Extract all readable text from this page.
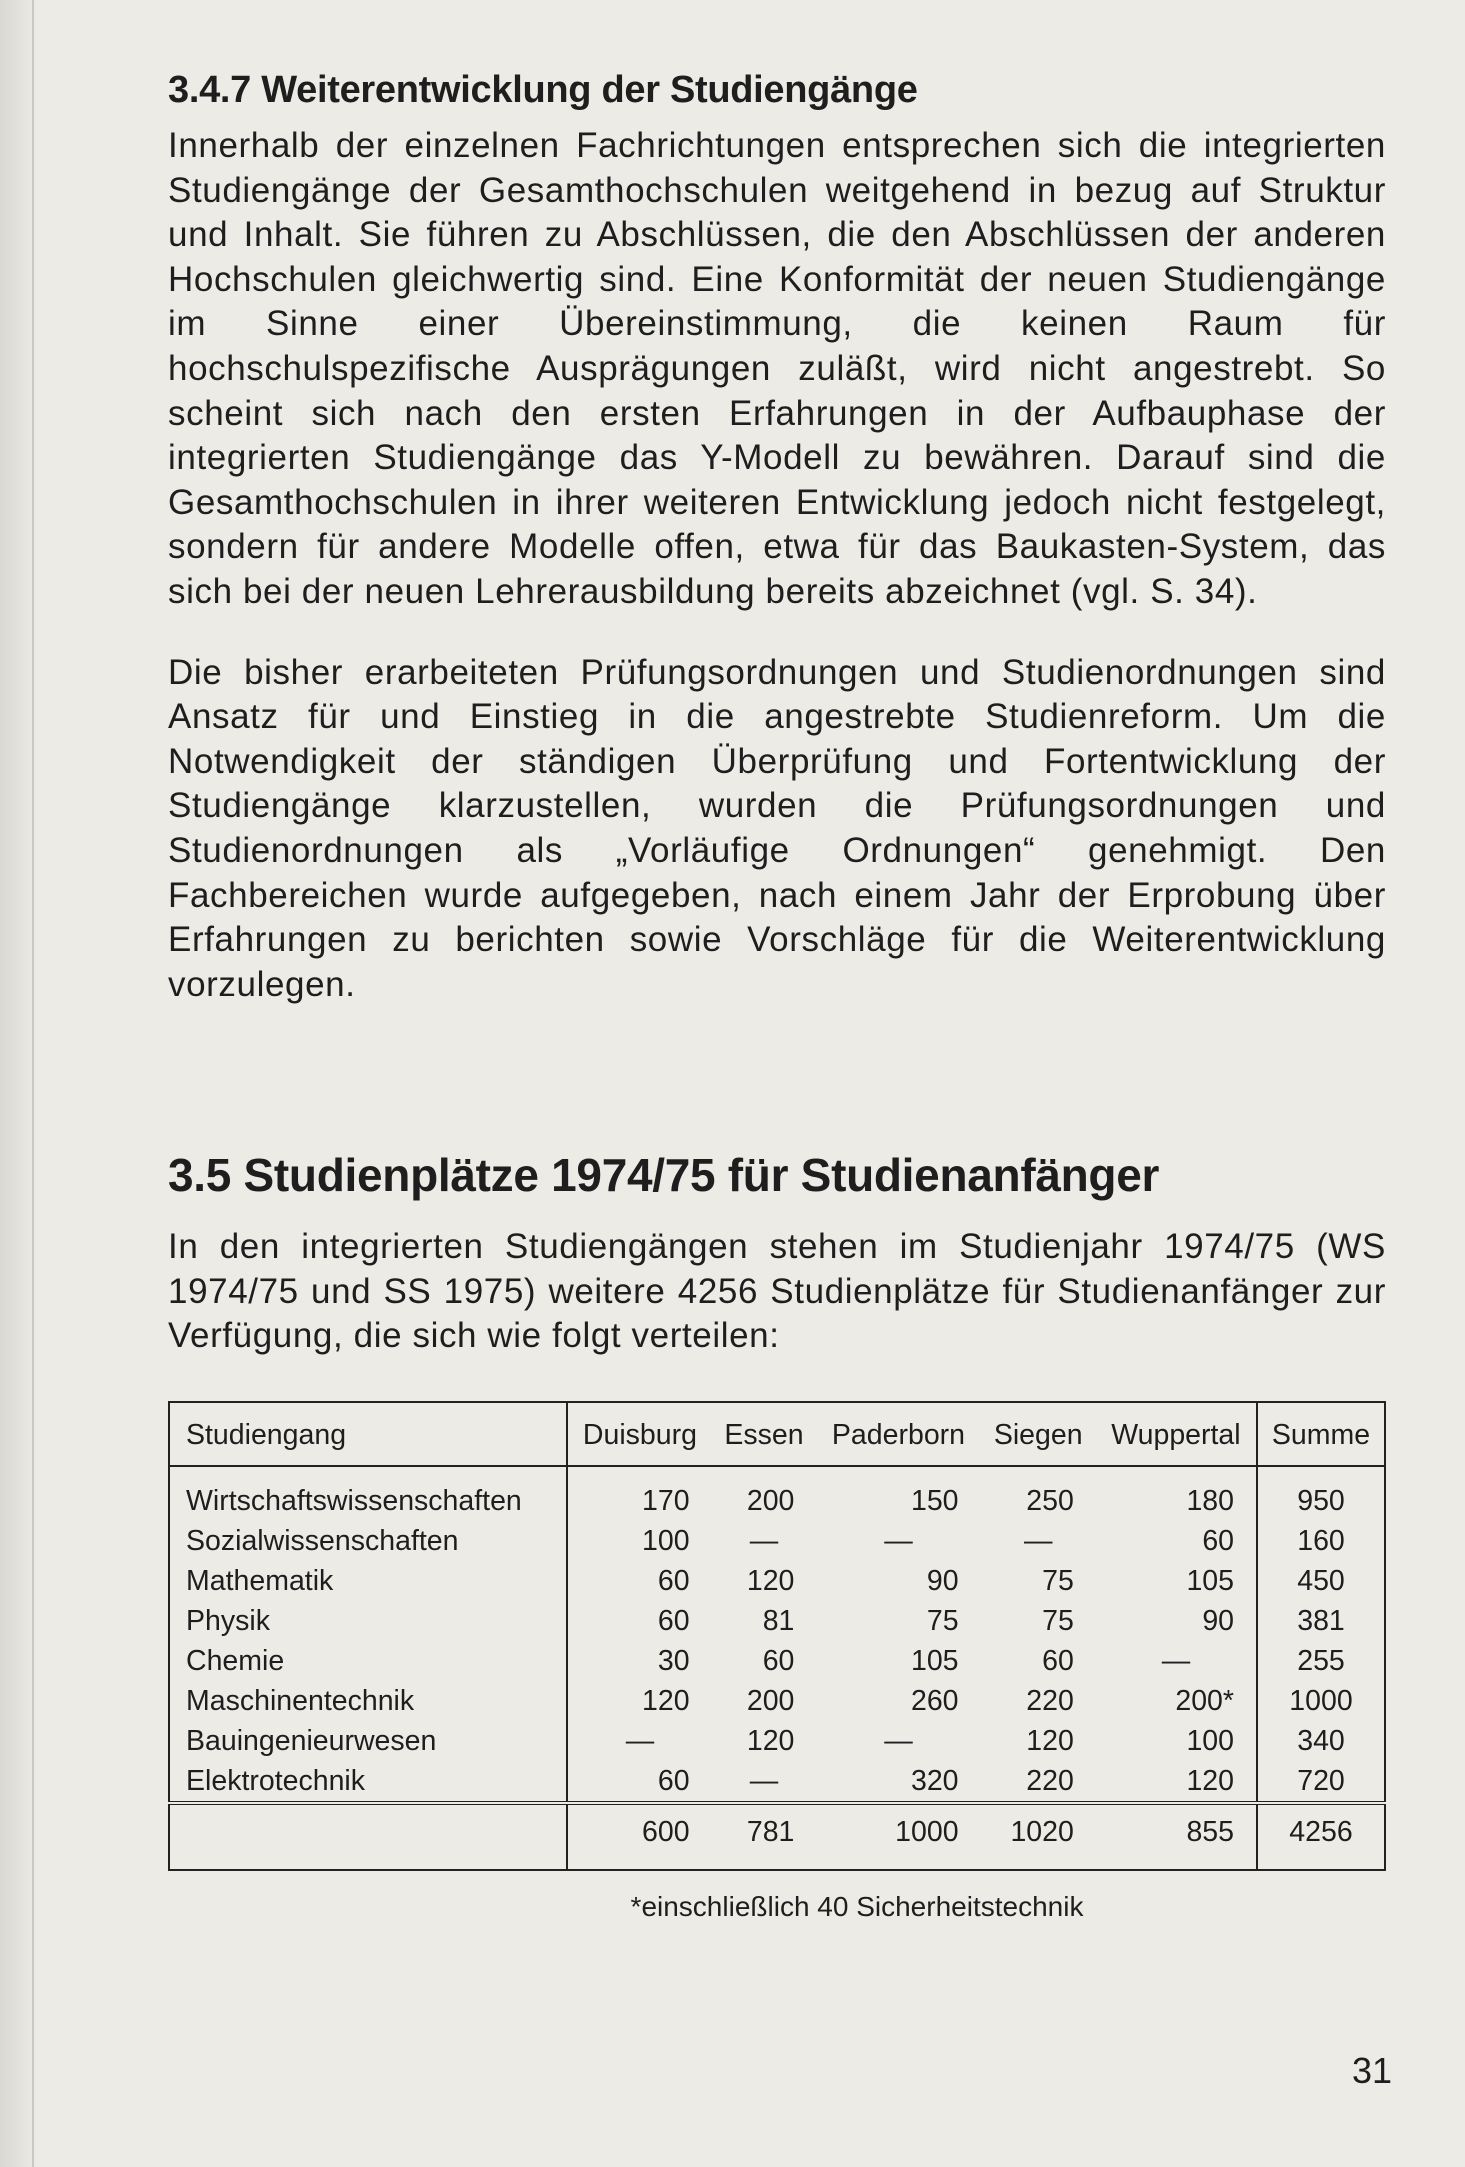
3.4.7 Weiterentwicklung der Studiengänge

Innerhalb der einzelnen Fachrichtungen entsprechen sich die integrierten Studiengänge der Gesamthochschulen weitgehend in bezug auf Struktur und Inhalt. Sie führen zu Abschlüssen, die den Abschlüssen der anderen Hochschulen gleichwertig sind. Eine Konformität der neuen Studiengänge im Sinne einer Übereinstimmung, die keinen Raum für hochschulspezifische Ausprägungen zuläßt, wird nicht angestrebt. So scheint sich nach den ersten Erfahrungen in der Aufbauphase der integrierten Studiengänge das Y-Modell zu bewähren. Darauf sind die Gesamthochschulen in ihrer weiteren Entwicklung jedoch nicht festgelegt, sondern für andere Modelle offen, etwa für das Baukasten-System, das sich bei der neuen Lehrerausbildung bereits abzeichnet (vgl. S. 34).

Die bisher erarbeiteten Prüfungsordnungen und Studienordnungen sind Ansatz für und Einstieg in die angestrebte Studienreform. Um die Notwendigkeit der ständigen Überprüfung und Fortentwicklung der Studiengänge klarzustellen, wurden die Prüfungsordnungen und Studienordnungen als „Vorläufige Ordnungen“ genehmigt. Den Fachbereichen wurde aufgegeben, nach einem Jahr der Erprobung über Erfahrungen zu berichten sowie Vorschläge für die Weiterentwicklung vorzulegen.

3.5 Studienplätze 1974/75 für Studienanfänger

In den integrierten Studiengängen stehen im Studienjahr 1974/75 (WS 1974/75 und SS 1975) weitere 4256 Studienplätze für Studienanfänger zur Verfügung, die sich wie folgt verteilen:

Studiengang	Duisburg	Essen	Paderborn	Siegen	Wuppertal	Summe
Wirtschaftswissenschaften	170	200	150	250	180	950
Sozialwissenschaften	100	—	—	—	60	160
Mathematik	60	120	90	75	105	450
Physik	60	81	75	75	90	381
Chemie	30	60	105	60	—	255
Maschinentechnik	120	200	260	220	200*	1000
Bauingenieurwesen	—	120	—	120	100	340
Elektrotechnik	60	—	320	220	120	720
	600	781	1000	1020	855	4256
*einschließlich 40 Sicherheitstechnik
31
